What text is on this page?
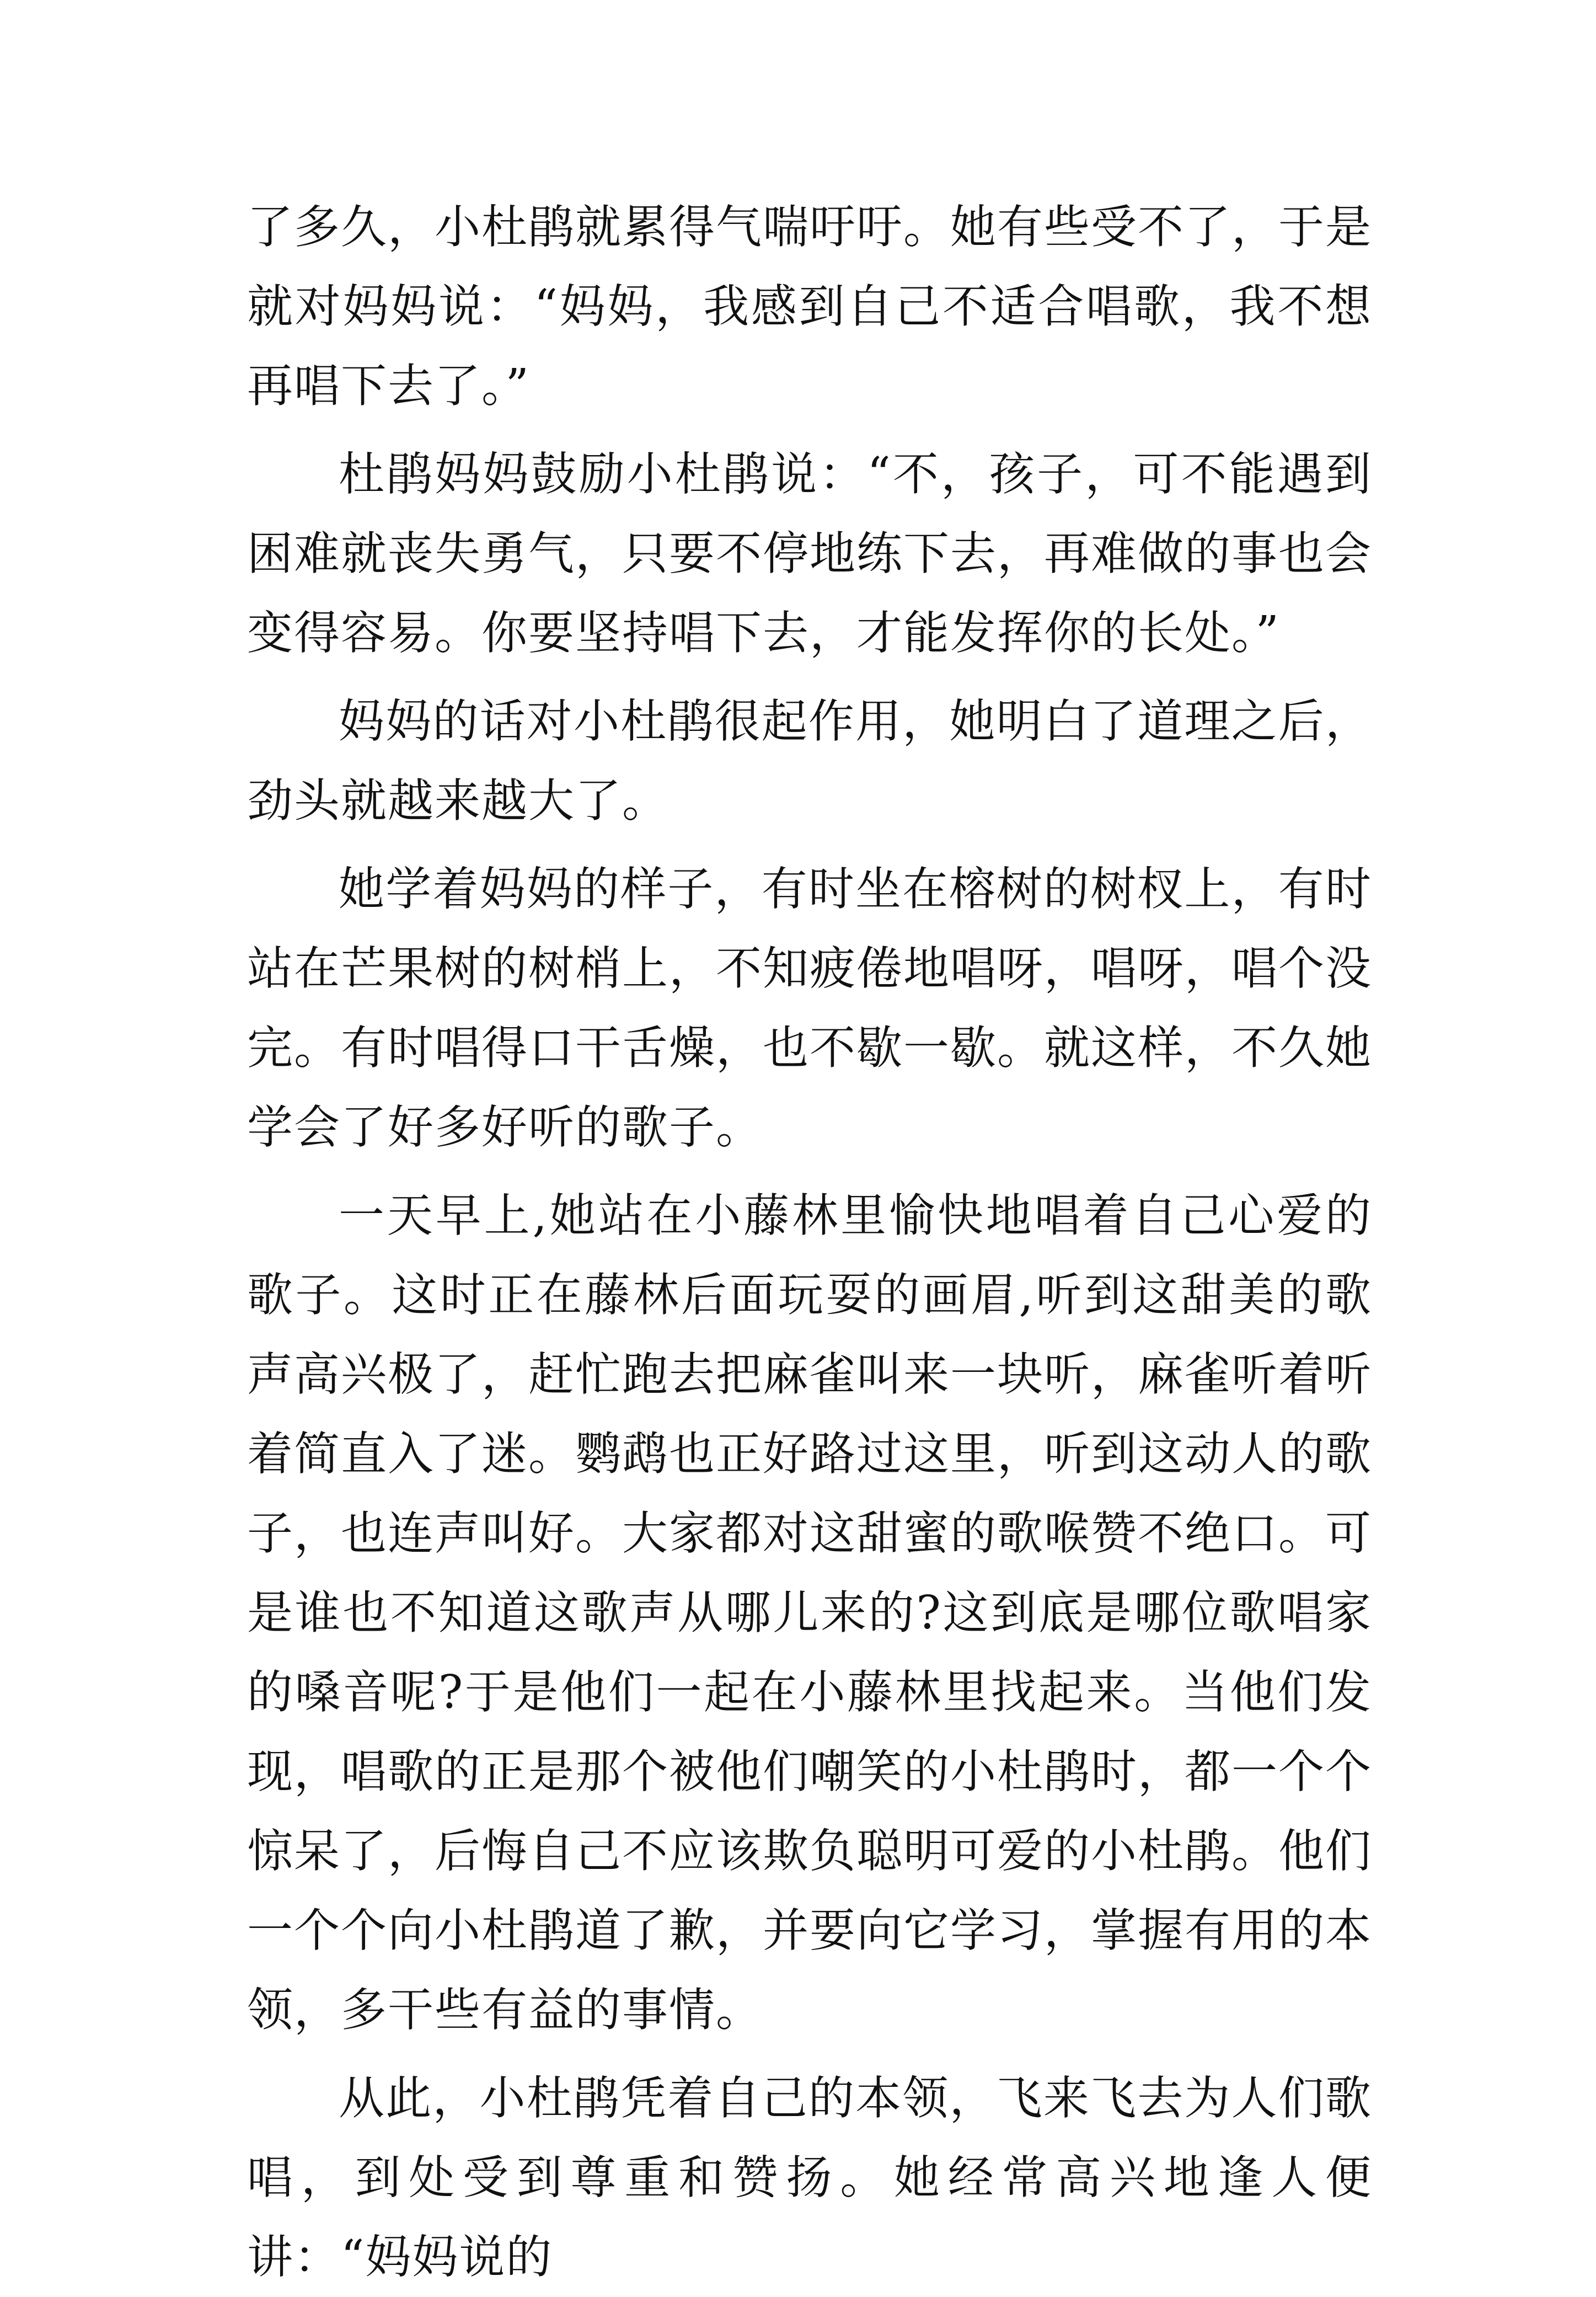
了多久，小杜鹃就累得气喘吁吁。她有些受不了，于是就对妈妈说：“妈妈，我感到自己不适合唱歌，我不想再唱下去了。”

杜鹃妈妈鼓励小杜鹃说：“不，孩子，可不能遇到困难就丧失勇气，只要不停地练下去，再难做的事也会变得容易。你要坚持唱下去，才能发挥你的长处。”

妈妈的话对小杜鹃很起作用，她明白了道理之后，劲头就越来越大了。

她学着妈妈的样子，有时坐在榕树的树杈上，有时站在芒果树的树梢上，不知疲倦地唱呀，唱呀，唱个没完。有时唱得口干舌燥，也不歇一歇。就这样，不久她学会了好多好听的歌子。

一天早上,她站在小藤林里愉快地唱着自己心爱的歌子。这时正在藤林后面玩耍的画眉,听到这甜美的歌声高兴极了，赶忙跑去把麻雀叫来一块听，麻雀听着听着简直入了迷。鹦鹉也正好路过这里，听到这动人的歌子，也连声叫好。大家都对这甜蜜的歌喉赞不绝口。可是谁也不知道这歌声从哪儿来的?这到底是哪位歌唱家的嗓音呢?于是他们一起在小藤林里找起来。当他们发现，唱歌的正是那个被他们嘲笑的小杜鹃时，都一个个惊呆了，后悔自己不应该欺负聪明可爱的小杜鹃。他们一个个向小杜鹃道了歉，并要向它学习，掌握有用的本领，多干些有益的事情。

从此，小杜鹃凭着自己的本领，飞来飞去为人们歌唱，到处受到尊重和赞扬。她经常高兴地逢人便讲：“妈妈说的
